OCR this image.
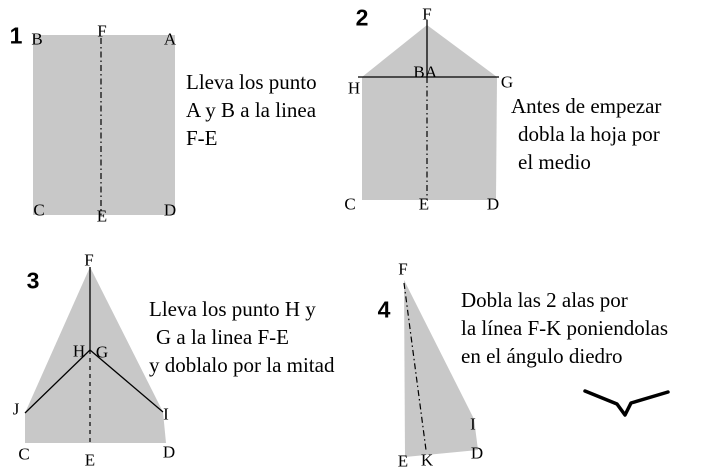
1
2
3
4
B	F	A
C	E	D
F
H	G
B A
C	E	D
F
H G
J	I
C	E	D
F
I
E K D
Lleva los punto
A y B a la linea
F-E
Antes de empezar
dobla la hoja por
el medio
Lleva los punto H y
G a la linea F-E
y doblalo por la mitad
Dobla las 2 alas por
la línea F-K poniendolas
en el ángulo diedro
